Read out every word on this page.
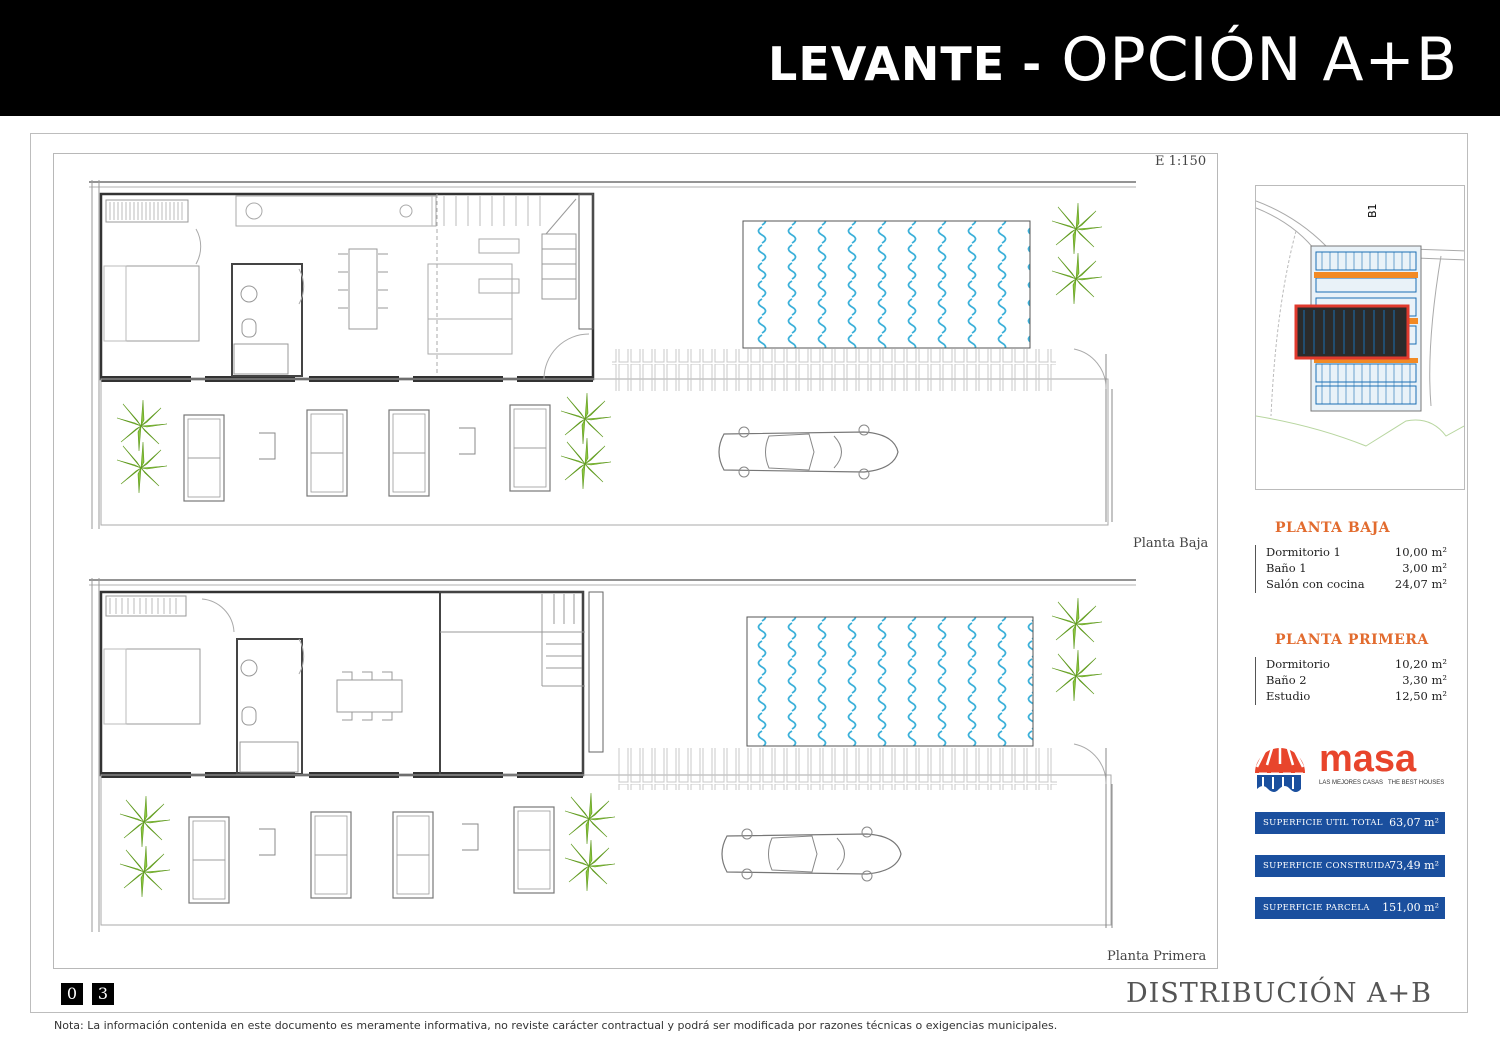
LEVANTE - OPCIÓN A+B
E 1:150
Planta Baja
Planta Primera
B1
PLANTA BAJA
Dormitorio 1	10,00 m²
Baño 1	3,00 m²
Salón con cocina	24,07 m²
PLANTA PRIMERA
Dormitorio	10,20 m²
Baño 2	3,30 m²
Estudio	12,50 m²
masa
LAS MEJORES CASAS THE BEST HOUSES
SUPERFICIE UTIL TOTAL 63,07 m²
SUPERFICIE CONSTRUIDA
73,49 m²
SUPERFICIE PARCELA 151,00 m²
0	3	DISTRIBUCIÓN A+B
Nota: La información contenida en este documento es meramente informativa, no reviste carácter contractual y podrá ser modificada por razones técnicas o exigencias municipales.
